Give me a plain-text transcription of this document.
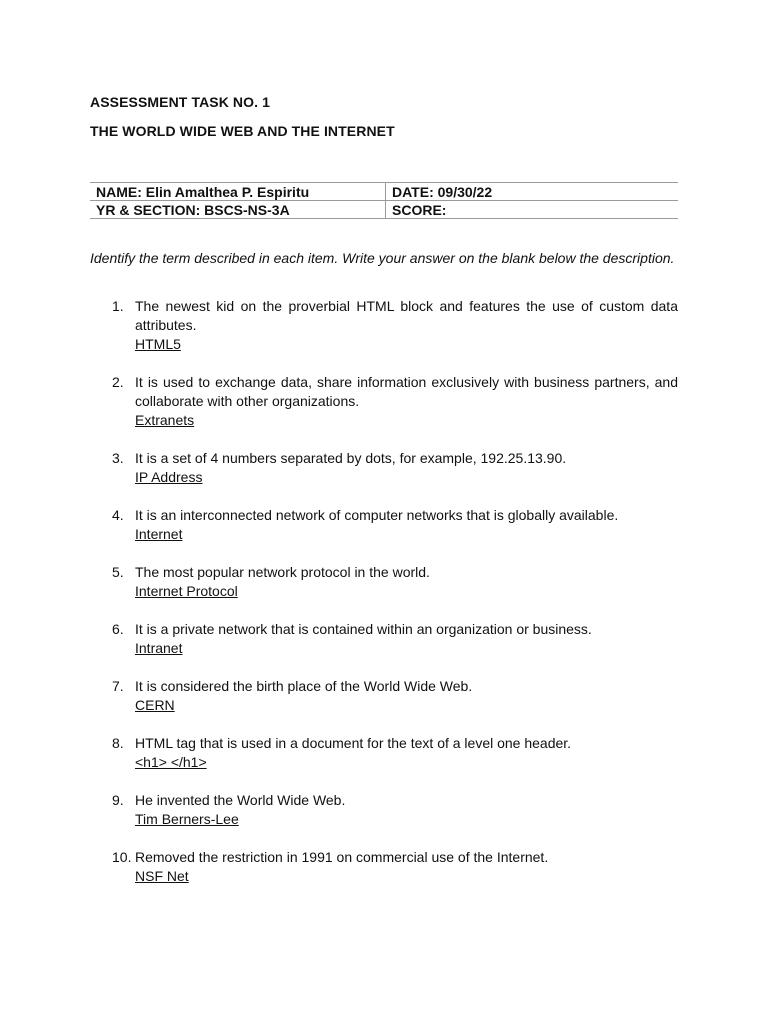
ASSESSMENT TASK NO. 1
THE WORLD WIDE WEB AND THE INTERNET
NAME: Elin Amalthea P. Espiritu	DATE: 09/30/22
YR & SECTION: BSCS-NS-3A	SCORE:

Identify the term described in each item. Write your answer on the blank below the description.

1. The newest kid on the proverbial HTML block and features the use of custom data attributes.
HTML5
2. It is used to exchange data, share information exclusively with business partners, and collaborate with other organizations.
Extranets
3. It is a set of 4 numbers separated by dots, for example, 192.25.13.90.
IP Address
4. It is an interconnected network of computer networks that is globally available.
Internet
5. The most popular network protocol in the world.
Internet Protocol
6. It is a private network that is contained within an organization or business.
Intranet
7. It is considered the birth place of the World Wide Web.
CERN
8. HTML tag that is used in a document for the text of a level one header.
<h1> </h1>
9. He invented the World Wide Web.
Tim Berners-Lee
10. Removed the restriction in 1991 on commercial use of the Internet.
NSF Net
